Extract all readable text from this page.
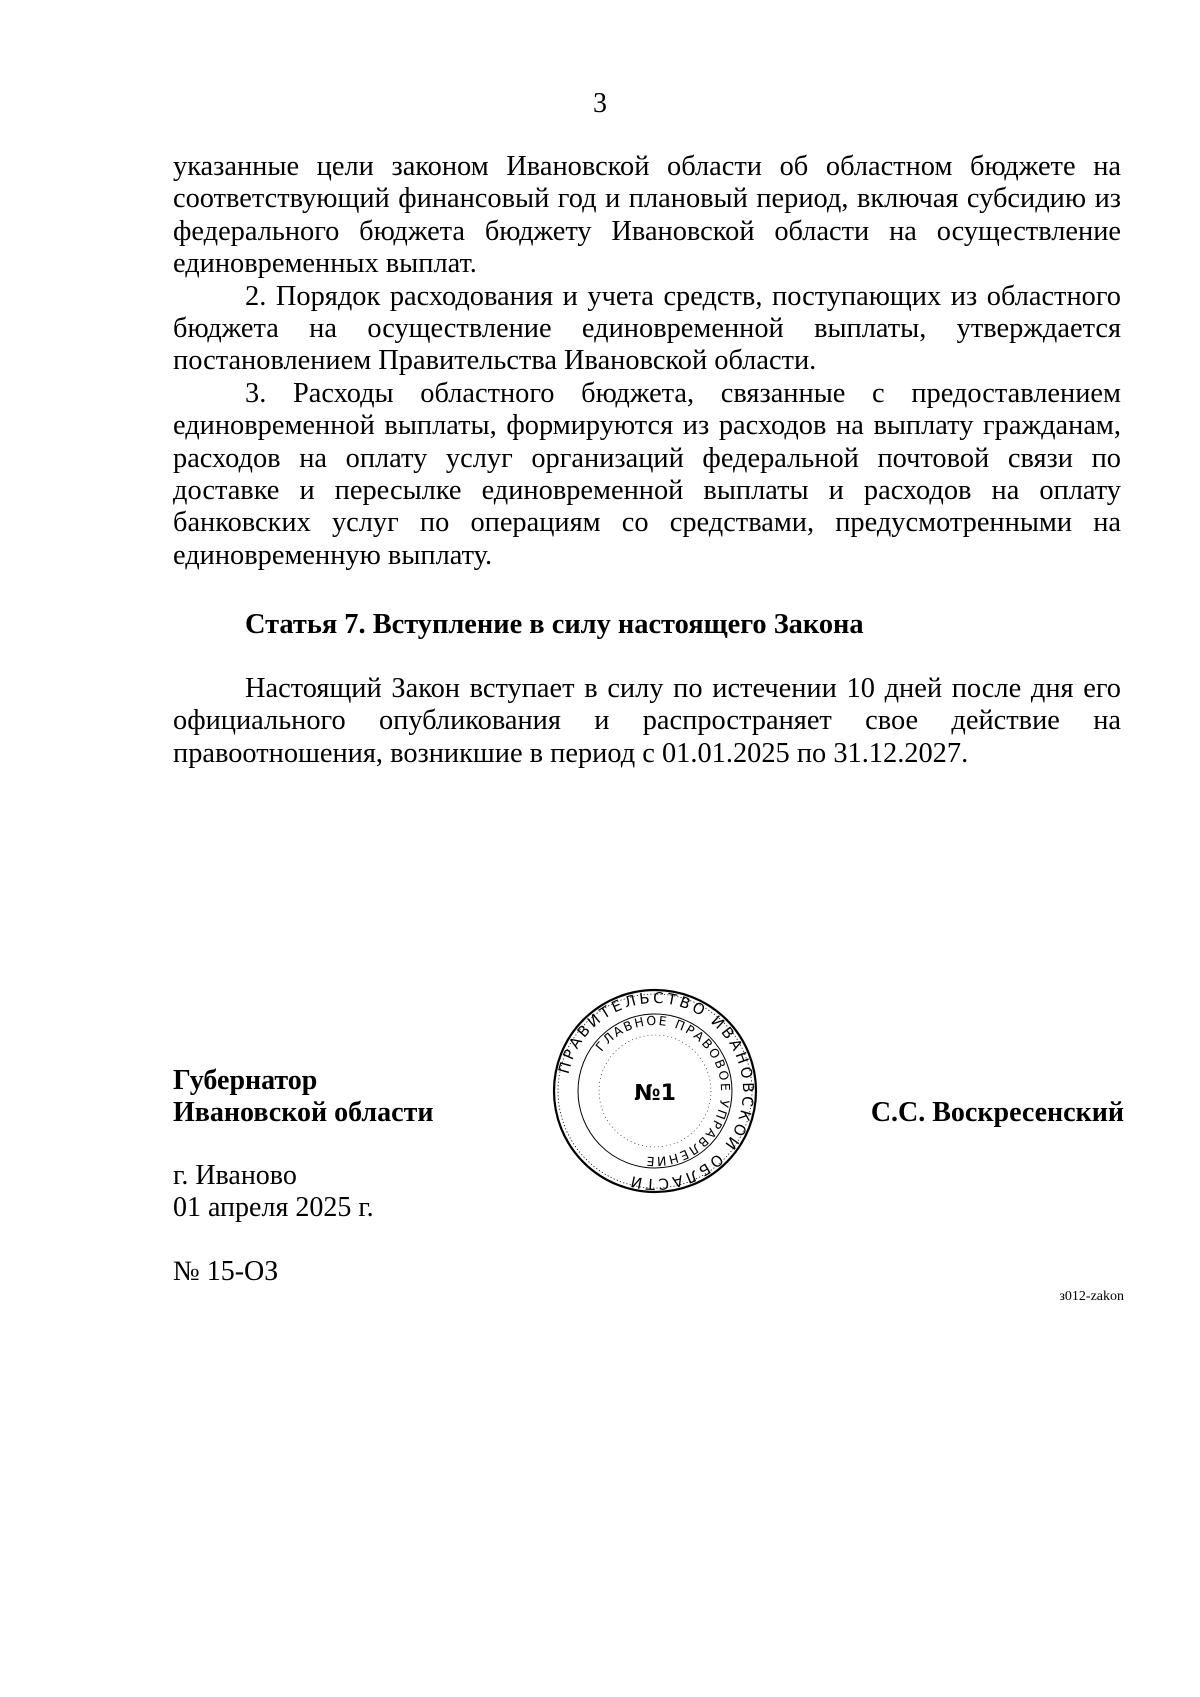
3

указанные цели законом Ивановской области об областном бюджете на соответствующий финансовый год и плановый период, включая субсидию из федерального бюджета бюджету Ивановской области на осуществление единовременных выплат.

2. Порядок расходования и учета средств, поступающих из областного бюджета на осуществление единовременной выплаты, утверждается постановлением Правительства Ивановской области.

3. Расходы областного бюджета, связанные с предоставлением единовременной выплаты, формируются из расходов на выплату гражданам, расходов на оплату услуг организаций федеральной почтовой связи по доставке и пересылке единовременной выплаты и расходов на оплату банковских услуг по операциям со средствами, предусмотренными на единовременную выплату.

Статья 7. Вступление в силу настоящего Закона

Настоящий Закон вступает в силу по истечении 10 дней после дня его официального опубликования и распространяет свое действие на правоотношения, возникшие в период с 01.01.2025 по 31.12.2027.

Губернатор
Ивановской области
ПРАВИТЕЛЬСТВО ИВАНОВСКОЙ ОБЛАСТИ
ГЛАВНОЕ ПРАВОВОЕ УПРАВЛЕНИЕ
№1
С.С. Воскресенский
г. Иваново
01 апреля 2025 г.
№ 15-ОЗ
з012-zakon
